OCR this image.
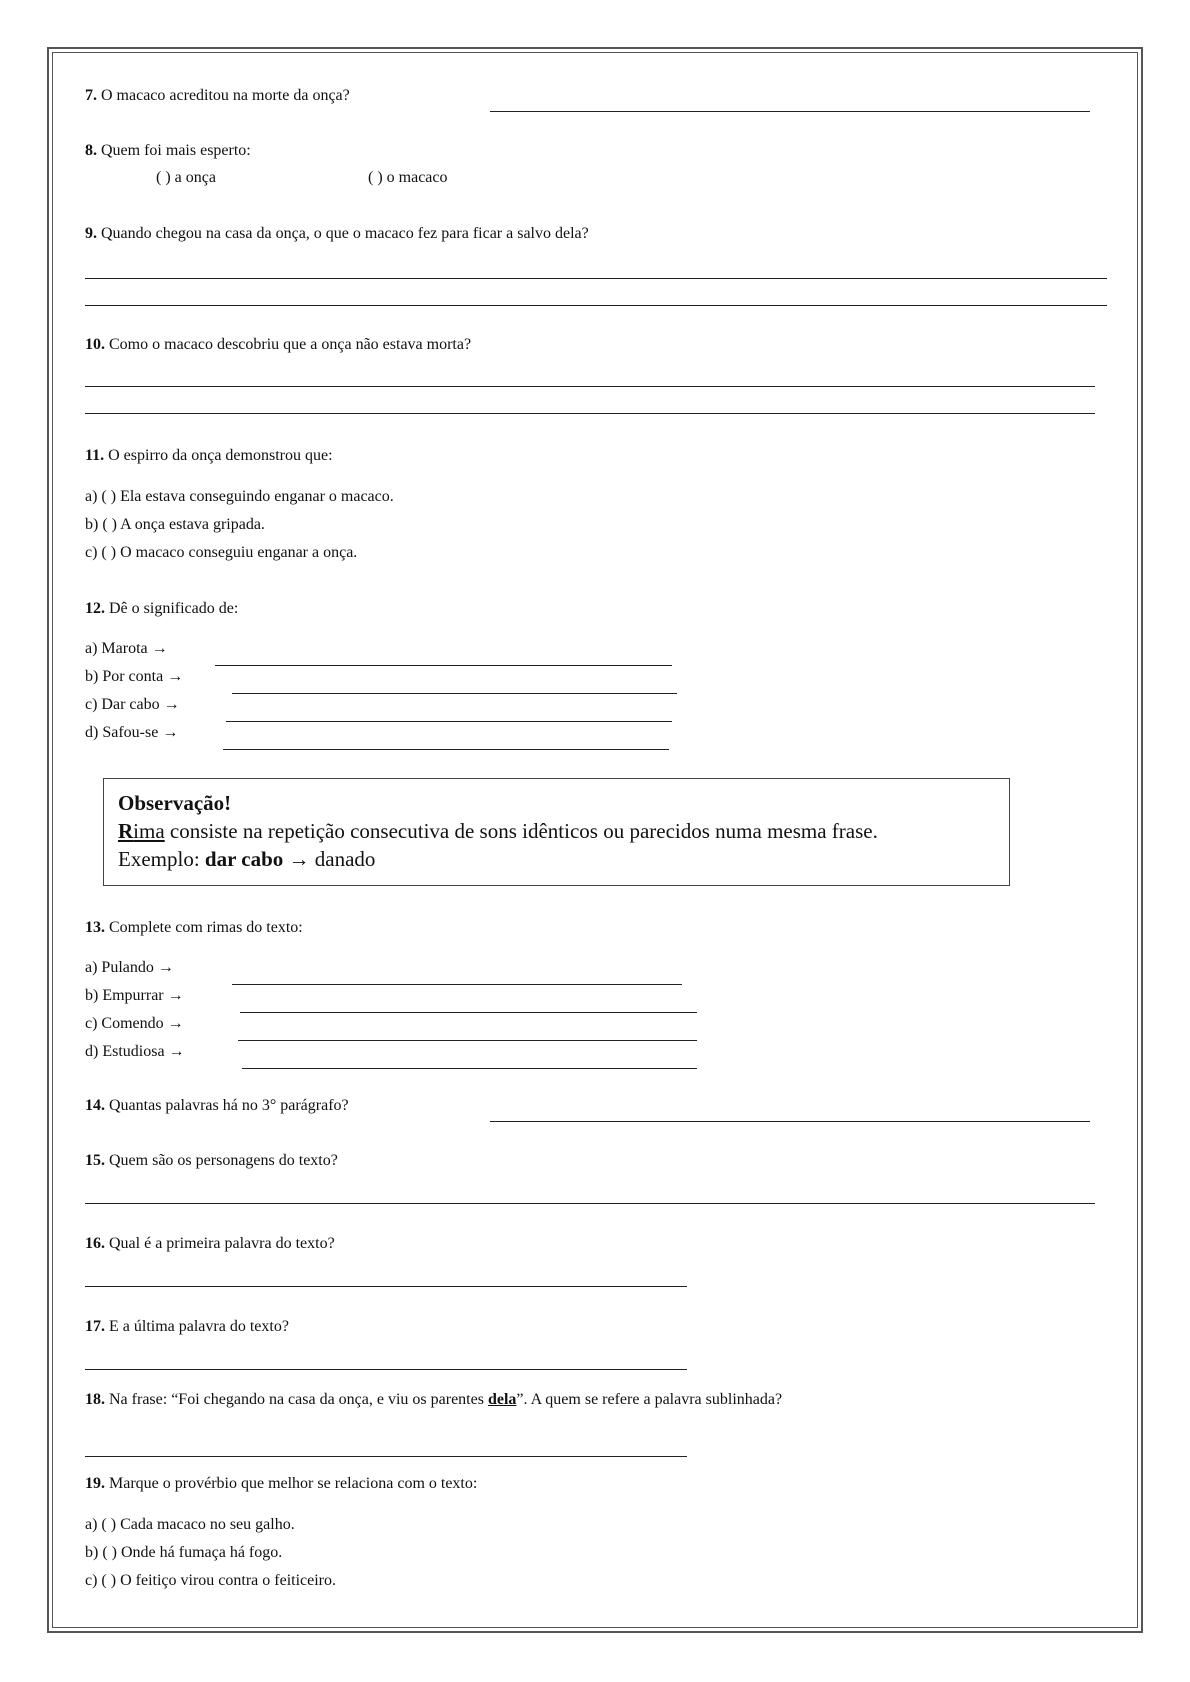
7. O macaco acreditou na morte da onça?
8. Quem foi mais esperto:
( ) a onça	( ) o macaco
9. Quando chegou na casa da onça, o que o macaco fez para ficar a salvo dela?
10. Como o macaco descobriu que a onça não estava morta?
11. O espirro da onça demonstrou que:
a) ( ) Ela estava conseguindo enganar o macaco.
b) ( ) A onça estava gripada.
c) ( ) O macaco conseguiu enganar a onça.
12. Dê o significado de:
a) Marota →
b) Por conta →
c) Dar cabo →
d) Safou-se →
Observação!
Rima consiste na repetição consecutiva de sons idênticos ou parecidos numa mesma frase.
Exemplo: dar cabo → danado
13. Complete com rimas do texto:
a) Pulando →
b) Empurrar →
c) Comendo →
d) Estudiosa →
14. Quantas palavras há no 3° parágrafo?
15. Quem são os personagens do texto?
16. Qual é a primeira palavra do texto?
17. E a última palavra do texto?
18. Na frase: “Foi chegando na casa da onça, e viu os parentes dela”. A quem se refere a palavra sublinhada?
19. Marque o provérbio que melhor se relaciona com o texto:
a) ( ) Cada macaco no seu galho.
b) ( ) Onde há fumaça há fogo.
c) ( ) O feitiço virou contra o feiticeiro.
